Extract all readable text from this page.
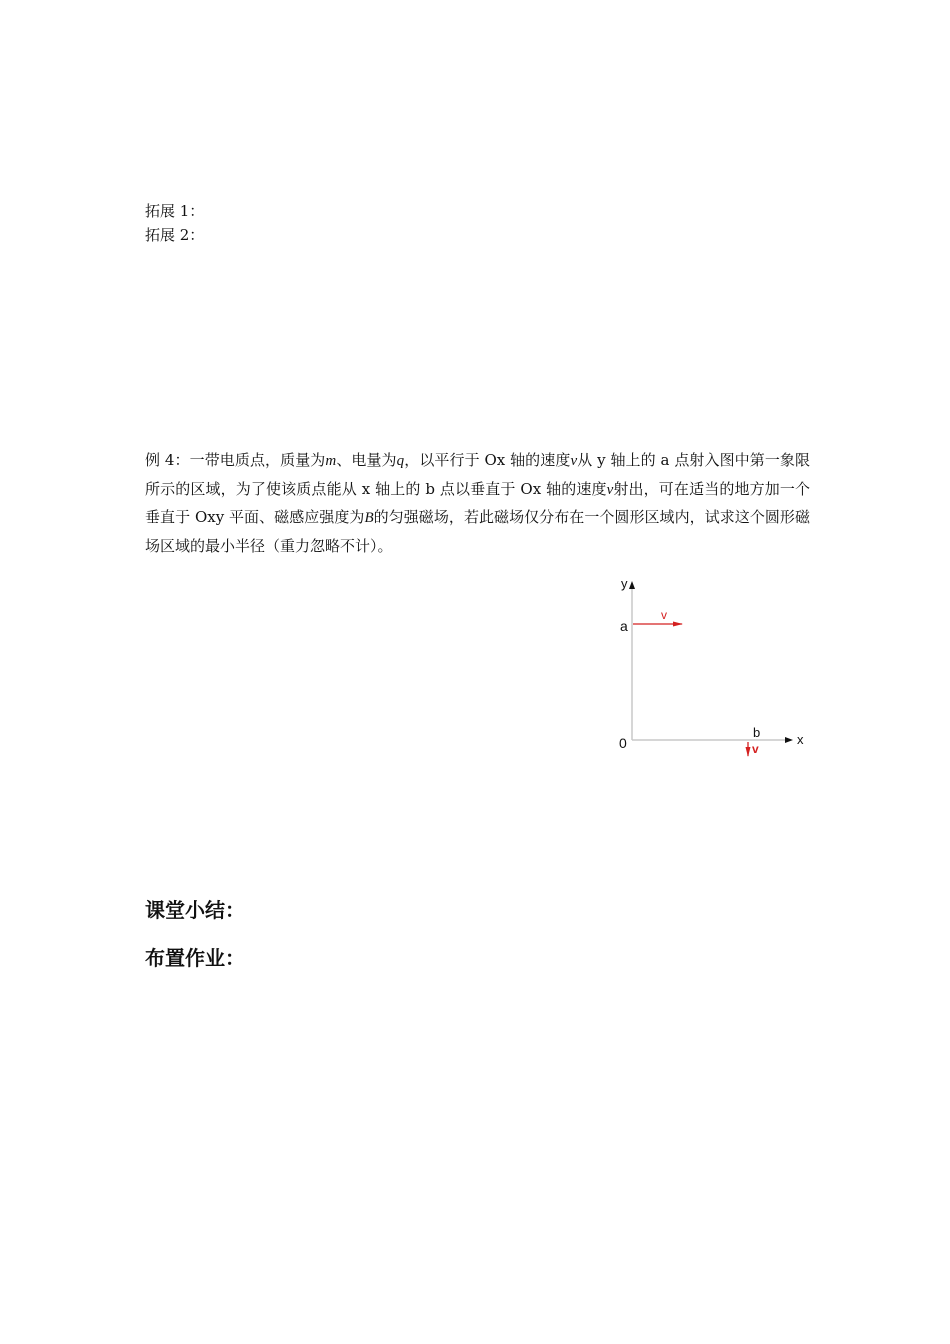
拓展 1：
拓展 2：
例 4：一带电质点，质量为m、电量为q，以平行于 Ox 轴的速度v从 y 轴上的 a 点射入图中第一象限所示的区域，为了使该质点能从 x 轴上的 b 点以垂直于 Ox 轴的速度v射出，可在适当的地方加一个垂直于 Oxy 平面、磁感应强度为B的匀强磁场，若此磁场仅分布在一个圆形区域内，试求这个圆形磁场区域的最小半径（重力忽略不计）。
y
x
0
a
b
v
v
课堂小结：
布置作业：
